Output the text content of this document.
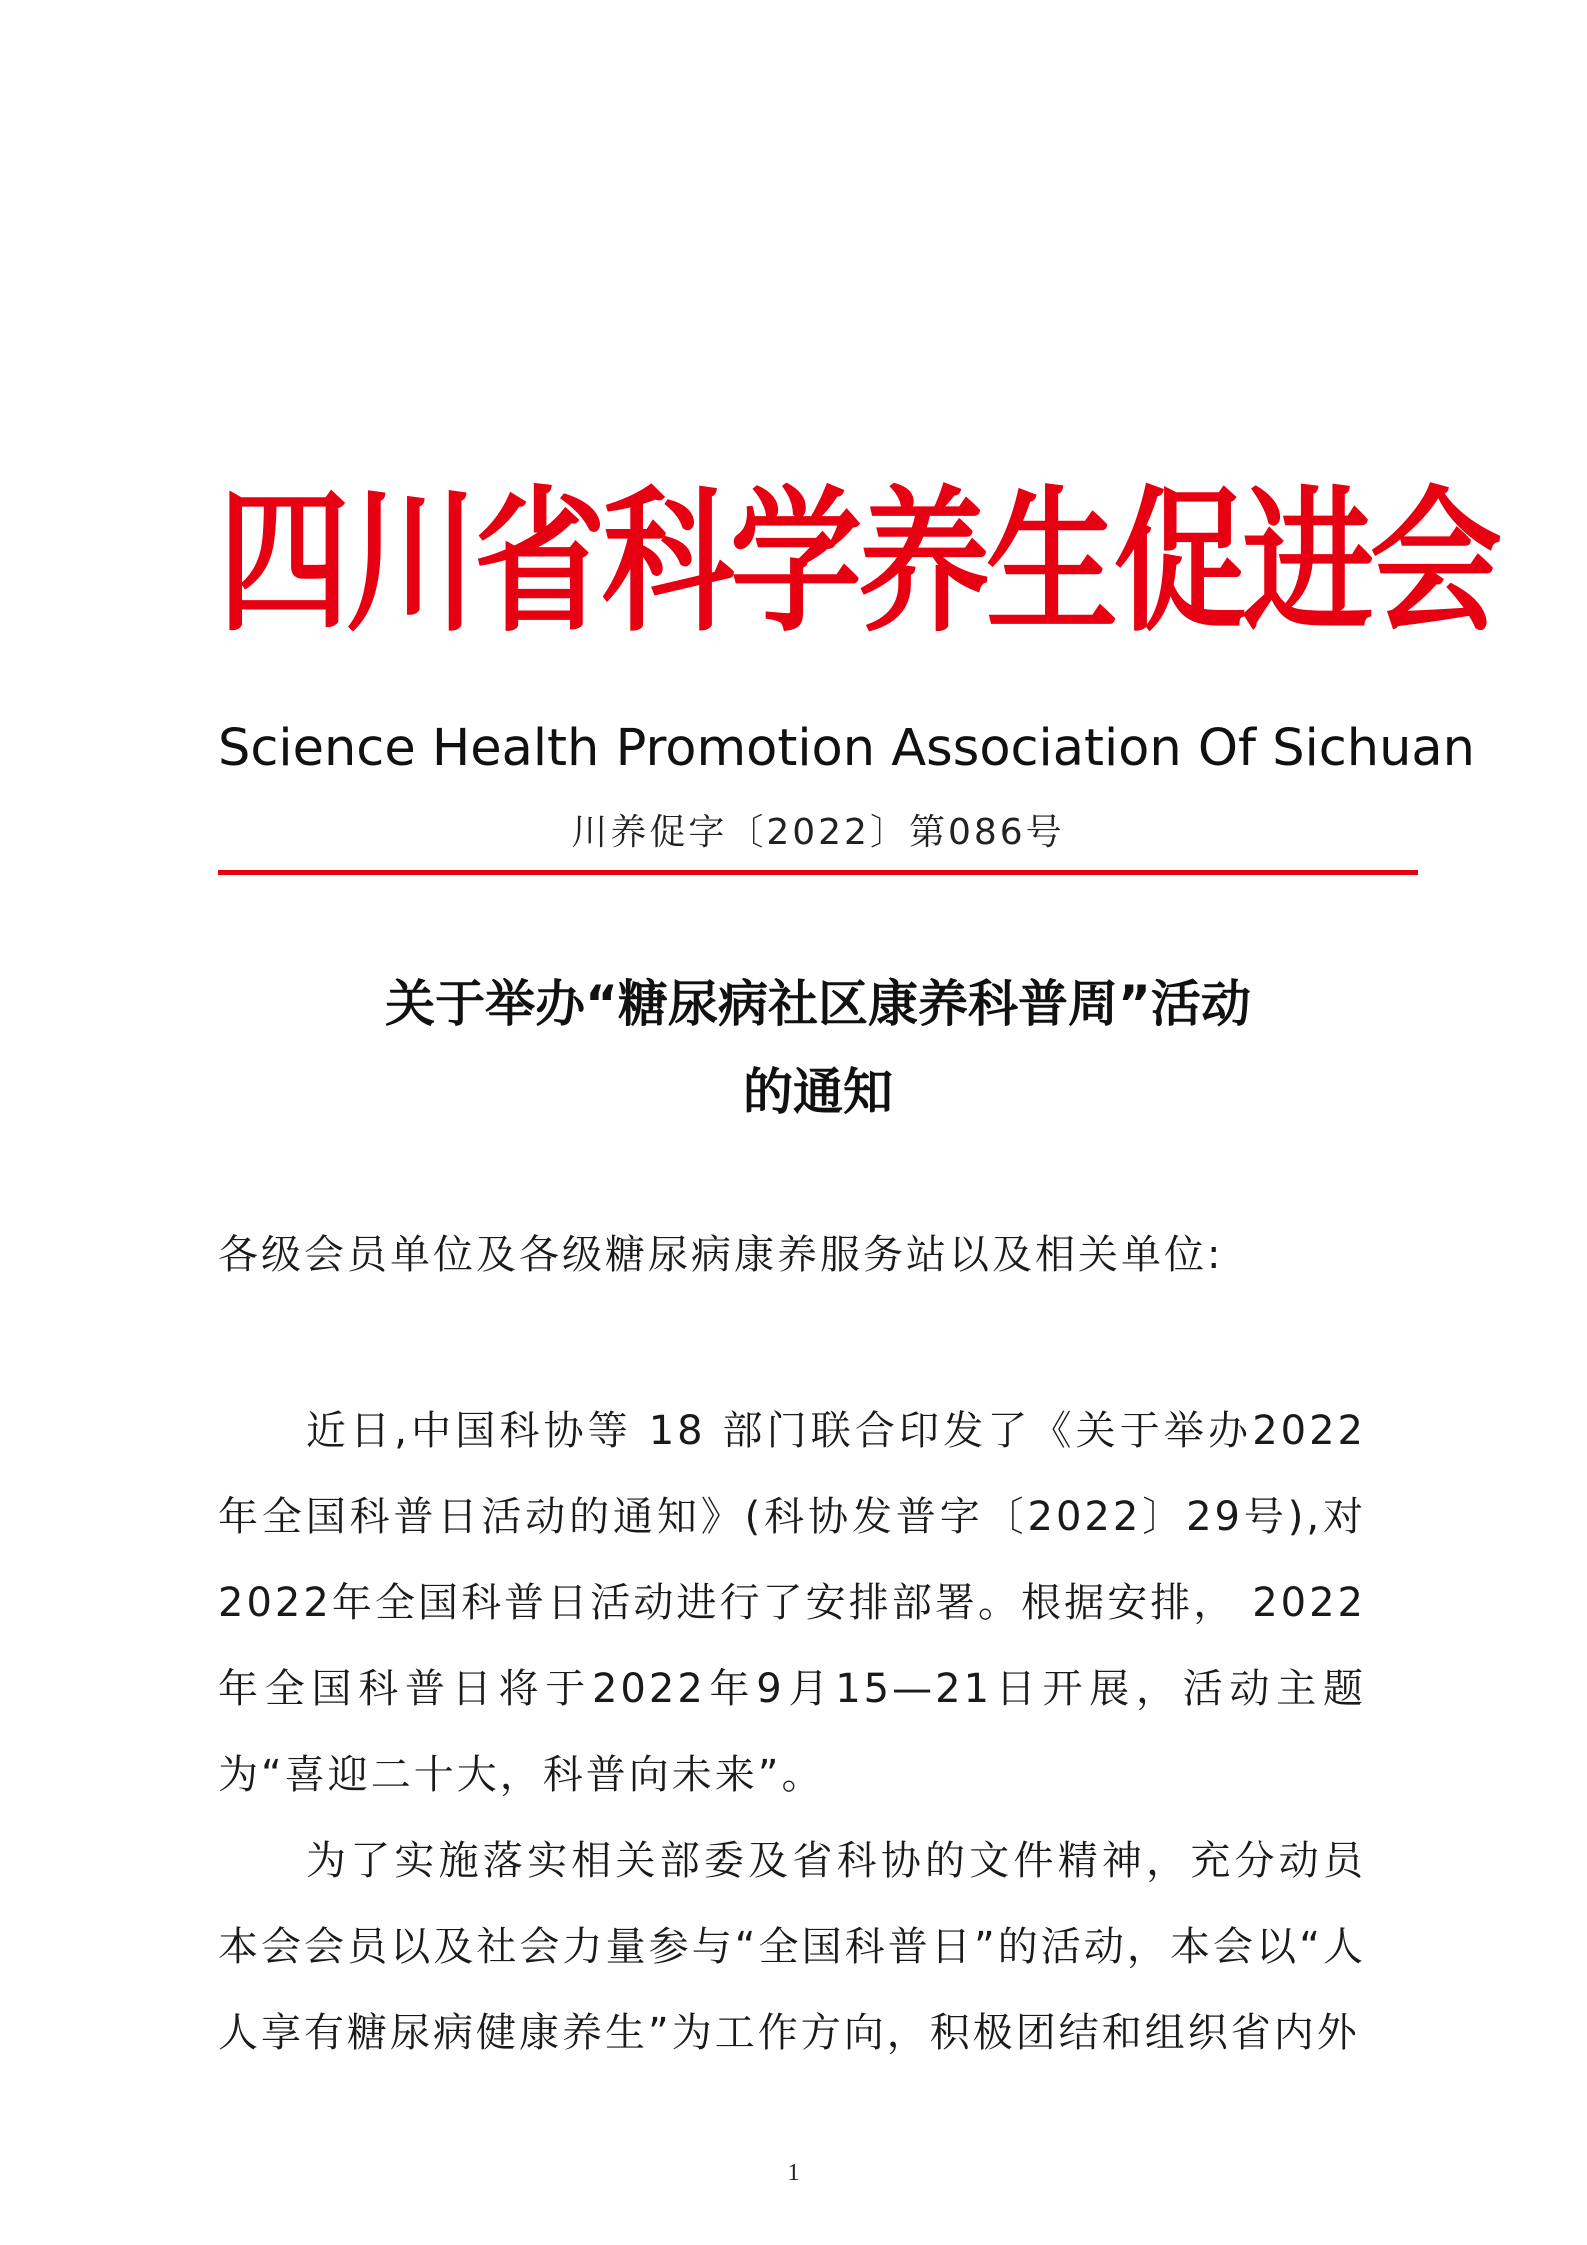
四川省科学养生促进会
Science Health Promotion Association Of Sichuan
川养促字〔2022〕第086号
关于举办“糖尿病社区康养科普周”活动
的通知
各级会员单位及各级糖尿病康养服务站以及相关单位:
近日,中国科协等 18 部门联合印发了《关于举办2022 年全国科普日活动的通知》(科协发普字〔2022〕29号),对2022年全国科普日活动进行了安排部署。根据安排， 2022 年全国科普日将于2022年9月15—21日开展，活动主题为“喜迎二十大，科普向未来”。
为了实施落实相关部委及省科协的文件精神，充分动员本会会员以及社会力量参与“全国科普日”的活动，本会以“人人享有糖尿病健康养生”为工作方向，积极团结和组织省内外
1
